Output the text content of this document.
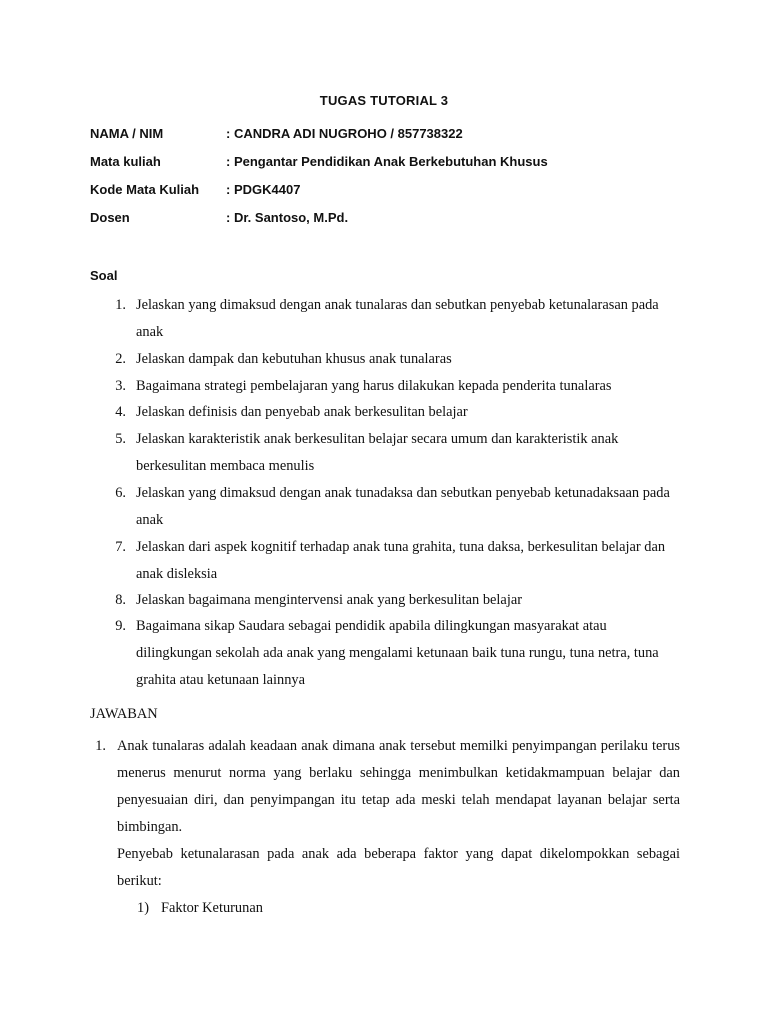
TUGAS TUTORIAL 3
NAMA / NIM	: CANDRA ADI NUGROHO / 857738322
Mata kuliah	: Pengantar Pendidikan Anak Berkebutuhan Khusus
Kode Mata Kuliah : PDGK4407
Dosen	: Dr. Santoso, M.Pd.
Soal
1. Jelaskan yang dimaksud dengan anak tunalaras dan sebutkan penyebab ketunalarasan pada anak
2. Jelaskan dampak dan kebutuhan khusus anak tunalaras
3. Bagaimana strategi pembelajaran yang harus dilakukan kepada penderita tunalaras
4. Jelaskan definisis dan penyebab anak berkesulitan belajar
5. Jelaskan karakteristik anak berkesulitan belajar secara umum dan karakteristik anak berkesulitan membaca menulis
6. Jelaskan yang dimaksud dengan anak tunadaksa dan sebutkan penyebab ketunadaksaan pada anak
7. Jelaskan dari aspek kognitif terhadap anak tuna grahita, tuna daksa, berkesulitan belajar dan anak disleksia
8. Jelaskan bagaimana mengintervensi anak yang berkesulitan belajar
9. Bagaimana sikap Saudara sebagai pendidik apabila dilingkungan masyarakat atau dilingkungan sekolah ada anak yang mengalami ketunaan baik tuna rungu, tuna netra, tuna grahita atau ketunaan lainnya
JAWABAN
1. Anak tunalaras adalah keadaan anak dimana anak tersebut memilki penyimpangan perilaku terus menerus menurut norma yang berlaku sehingga menimbulkan ketidakmampuan belajar dan penyesuaian diri, dan penyimpangan itu tetap ada meski telah mendapat layanan belajar serta bimbingan.
Penyebab ketunalarasan pada anak ada beberapa faktor yang dapat dikelompokkan sebagai berikut:
1) Faktor Keturunan
